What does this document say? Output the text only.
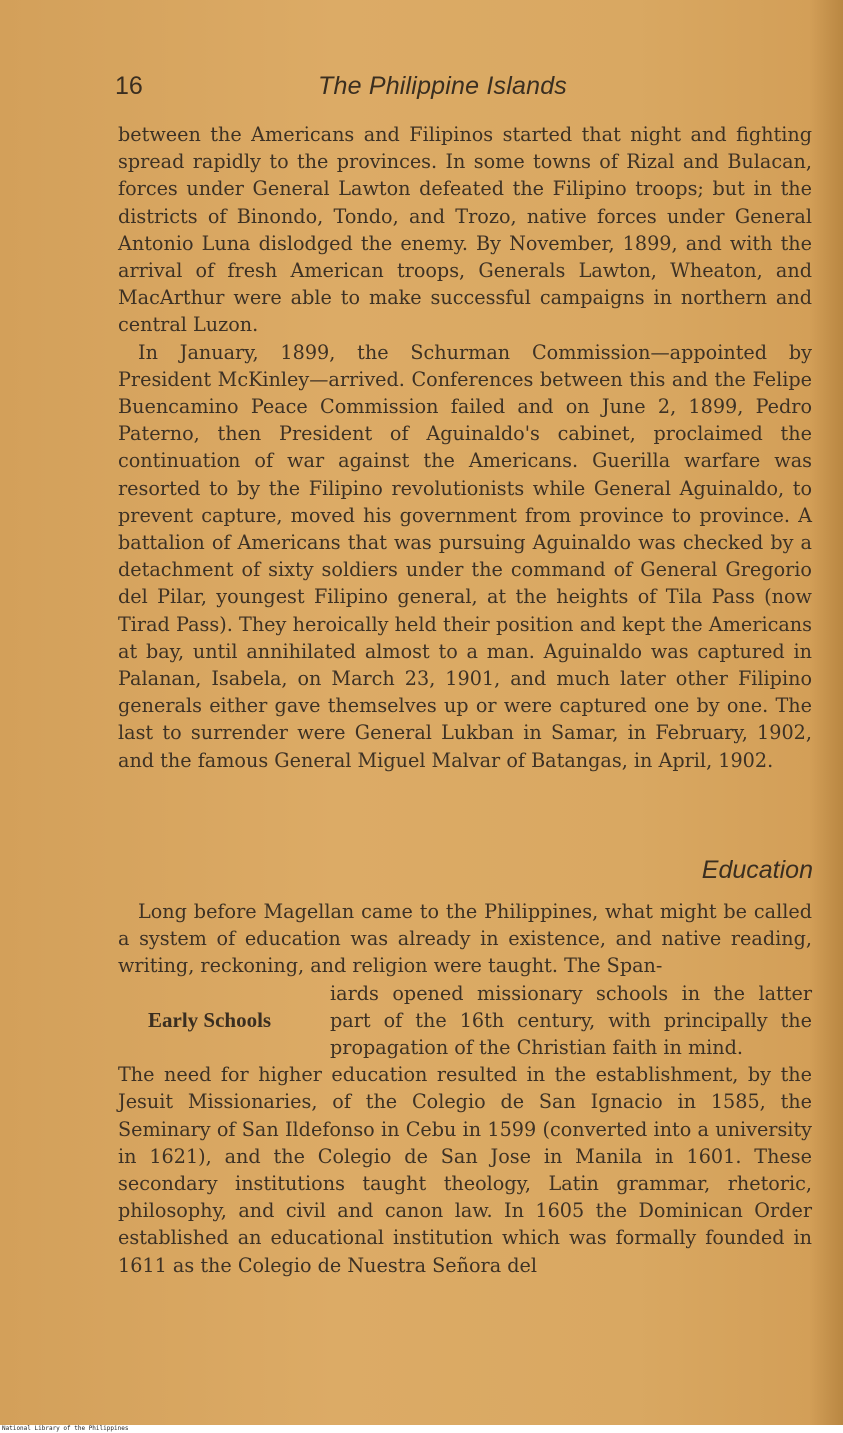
16	The Philippine Islands

between the Americans and Filipinos started that night and fighting spread rapidly to the provinces. In some towns of Rizal and Bulacan, forces under General Lawton defeated the Filipino troops; but in the districts of Binondo, Tondo, and Trozo, native forces under General Antonio Luna dislodged the enemy. By November, 1899, and with the arrival of fresh American troops, Generals Lawton, Wheaton, and MacArthur were able to make successful campaigns in northern and central Luzon.

In January, 1899, the Schurman Commission—appointed by President McKinley—arrived. Conferences between this and the Felipe Buencamino Peace Commission failed and on June 2, 1899, Pedro Paterno, then President of Aguinaldo's cabinet, proclaimed the continuation of war against the Americans. Guerilla warfare was resorted to by the Filipino revolutionists while General Aguinaldo, to prevent capture, moved his government from province to province. A battalion of Americans that was pursuing Aguinaldo was checked by a detachment of sixty soldiers under the command of General Gregorio del Pilar, youngest Filipino general, at the heights of Tila Pass (now Tirad Pass). They heroically held their position and kept the Americans at bay, until annihilated almost to a man. Aguinaldo was captured in Palanan, Isabela, on March 23, 1901, and much later other Filipino generals either gave themselves up or were captured one by one. The last to surrender were General Lukban in Samar, in February, 1902, and the famous General Miguel Malvar of Batangas, in April, 1902.

Education

Long before Magellan came to the Philippines, what might be called a system of education was already in existence, and native reading, writing, reckoning, and religion were taught. The Span-

Early Schools
iards opened missionary schools in the latter part of the 16th century, with principally the propagation of the Christian faith in mind.

The need for higher education resulted in the establishment, by the Jesuit Missionaries, of the Colegio de San Ignacio in 1585, the Seminary of San Ildefonso in Cebu in 1599 (converted into a university in 1621), and the Colegio de San Jose in Manila in 1601. These secondary institutions taught theology, Latin grammar, rhetoric, philosophy, and civil and canon law. In 1605 the Dominican Order established an educational institution which was formally founded in 1611 as the Colegio de Nuestra Señora del

National Library of the Philippines
